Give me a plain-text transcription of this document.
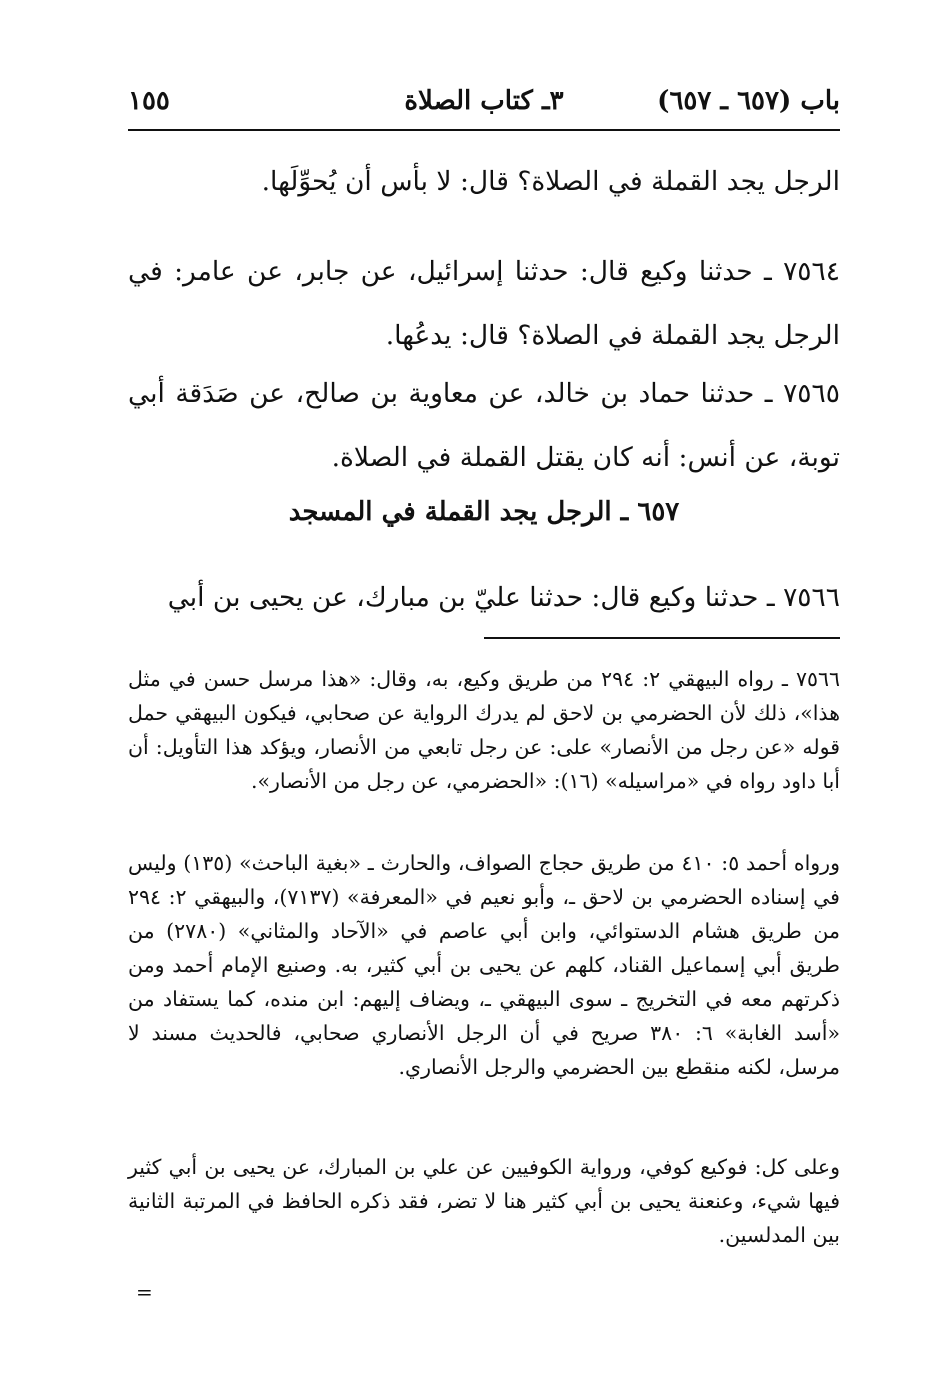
باب (٦٥٧ ـ ٦٥٧)
٣ـ كتاب الصلاة
١٥٥
الرجل يجد القملة في الصلاة؟ قال: لا بأس أن يُحوِّلَها.
٧٥٦٤ ـ حدثنا وكيع قال: حدثنا إسرائيل، عن جابر، عن عامر: في الرجل يجد القملة في الصلاة؟ قال: يدعُها.
٧٥٦٥ ـ حدثنا حماد بن خالد، عن معاوية بن صالح، عن صَدَقة أبي توبة، عن أنس: أنه كان يقتل القملة في الصلاة.
٦٥٧ ـ الرجل يجد القملة في المسجد
٧٥٦٦ ـ حدثنا وكيع قال: حدثنا عليّ بن مبارك، عن يحيى بن أبي
٧٥٦٦ ـ رواه البيهقي ٢: ٢٩٤ من طريق وكيع، به، وقال: «هذا مرسل حسن في مثل هذا»، ذلك لأن الحضرمي بن لاحق لم يدرك الرواية عن صحابي، فيكون البيهقي حمل قوله «عن رجل من الأنصار» على: عن رجل تابعي من الأنصار، ويؤكد هذا التأويل: أن أبا داود رواه في «مراسيله» (١٦): «الحضرمي، عن رجل من الأنصار».
ورواه أحمد ٥: ٤١٠ من طريق حجاج الصواف، والحارث ـ «بغية الباحث» (١٣٥) وليس في إسناده الحضرمي بن لاحق ـ، وأبو نعيم في «المعرفة» (٧١٣٧)، والبيهقي ٢: ٢٩٤ من طريق هشام الدستوائي، وابن أبي عاصم في «الآحاد والمثاني» (٢٧٨٠) من طريق أبي إسماعيل القناد، كلهم عن يحيى بن أبي كثير، به. وصنيع الإمام أحمد ومن ذكرتهم معه في التخريج ـ سوى البيهقي ـ، ويضاف إليهم: ابن منده، كما يستفاد من «أسد الغابة» ٦: ٣٨٠ صريح في أن الرجل الأنصاري صحابي، فالحديث مسند لا مرسل، لكنه منقطع بين الحضرمي والرجل الأنصاري.
وعلى كل: فوكيع كوفي، ورواية الكوفيين عن علي بن المبارك، عن يحيى بن أبي كثير فيها شيء، وعنعنة يحيى بن أبي كثير هنا لا تضر، فقد ذكره الحافظ في المرتبة الثانية بين المدلسين.
=
